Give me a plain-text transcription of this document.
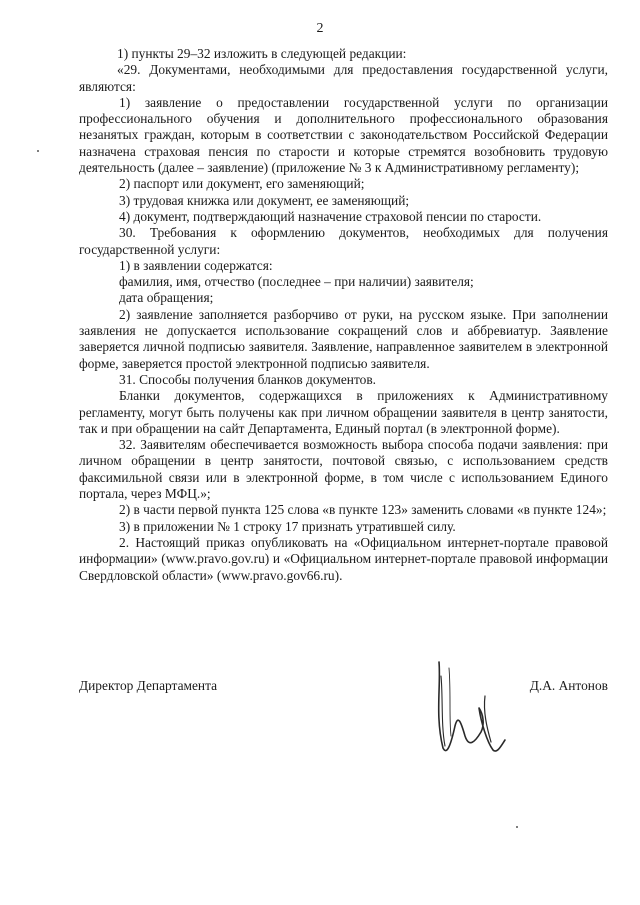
2

1) пункты 29–32 изложить в следующей редакции:

«29. Документами, необходимыми для предоставления государственной услуги, являются:

1) заявление о предоставлении государственной услуги по организации профессионального обучения и дополнительного профессионального образования незанятых граждан, которым в соответствии с законодательством Российской Федерации назначена страховая пенсия по старости и которые стремятся возобновить трудовую деятельность (далее – заявление) (приложение № 3 к Административному регламенту);

2) паспорт или документ, его заменяющий;

3) трудовая книжка или документ, ее заменяющий;

4) документ, подтверждающий назначение страховой пенсии по старости.

30. Требования к оформлению документов, необходимых для получения государственной услуги:

1) в заявлении содержатся:

фамилия, имя, отчество (последнее – при наличии) заявителя;

дата обращения;

2) заявление заполняется разборчиво от руки, на русском языке. При заполнении заявления не допускается использование сокращений слов и аббревиатур. Заявление заверяется личной подписью заявителя. Заявление, направленное заявителем в электронной форме, заверяется простой электронной подписью заявителя.

31. Способы получения бланков документов.

Бланки документов, содержащихся в приложениях к Административному регламенту, могут быть получены как при личном обращении заявителя в центр занятости, так и при обращении на сайт Департамента, Единый портал (в электронной форме).

32. Заявителям обеспечивается возможность выбора способа подачи заявления: при личном обращении в центр занятости, почтовой связью, с использованием средств факсимильной связи или в электронной форме, в том числе с использованием Единого портала, через МФЦ.»;

2) в части первой пункта 125 слова «в пункте 123» заменить словами «в пункте 124»;

3) в приложении № 1 строку 17 признать утратившей силу.

2. Настоящий приказ опубликовать на «Официальном интернет-портале правовой информации» (www.pravo.gov.ru) и «Официальном интернет-портале правовой информации Свердловской области» (www.pravo.gov66.ru).

Директор Департамента	Д.А. Антонов
